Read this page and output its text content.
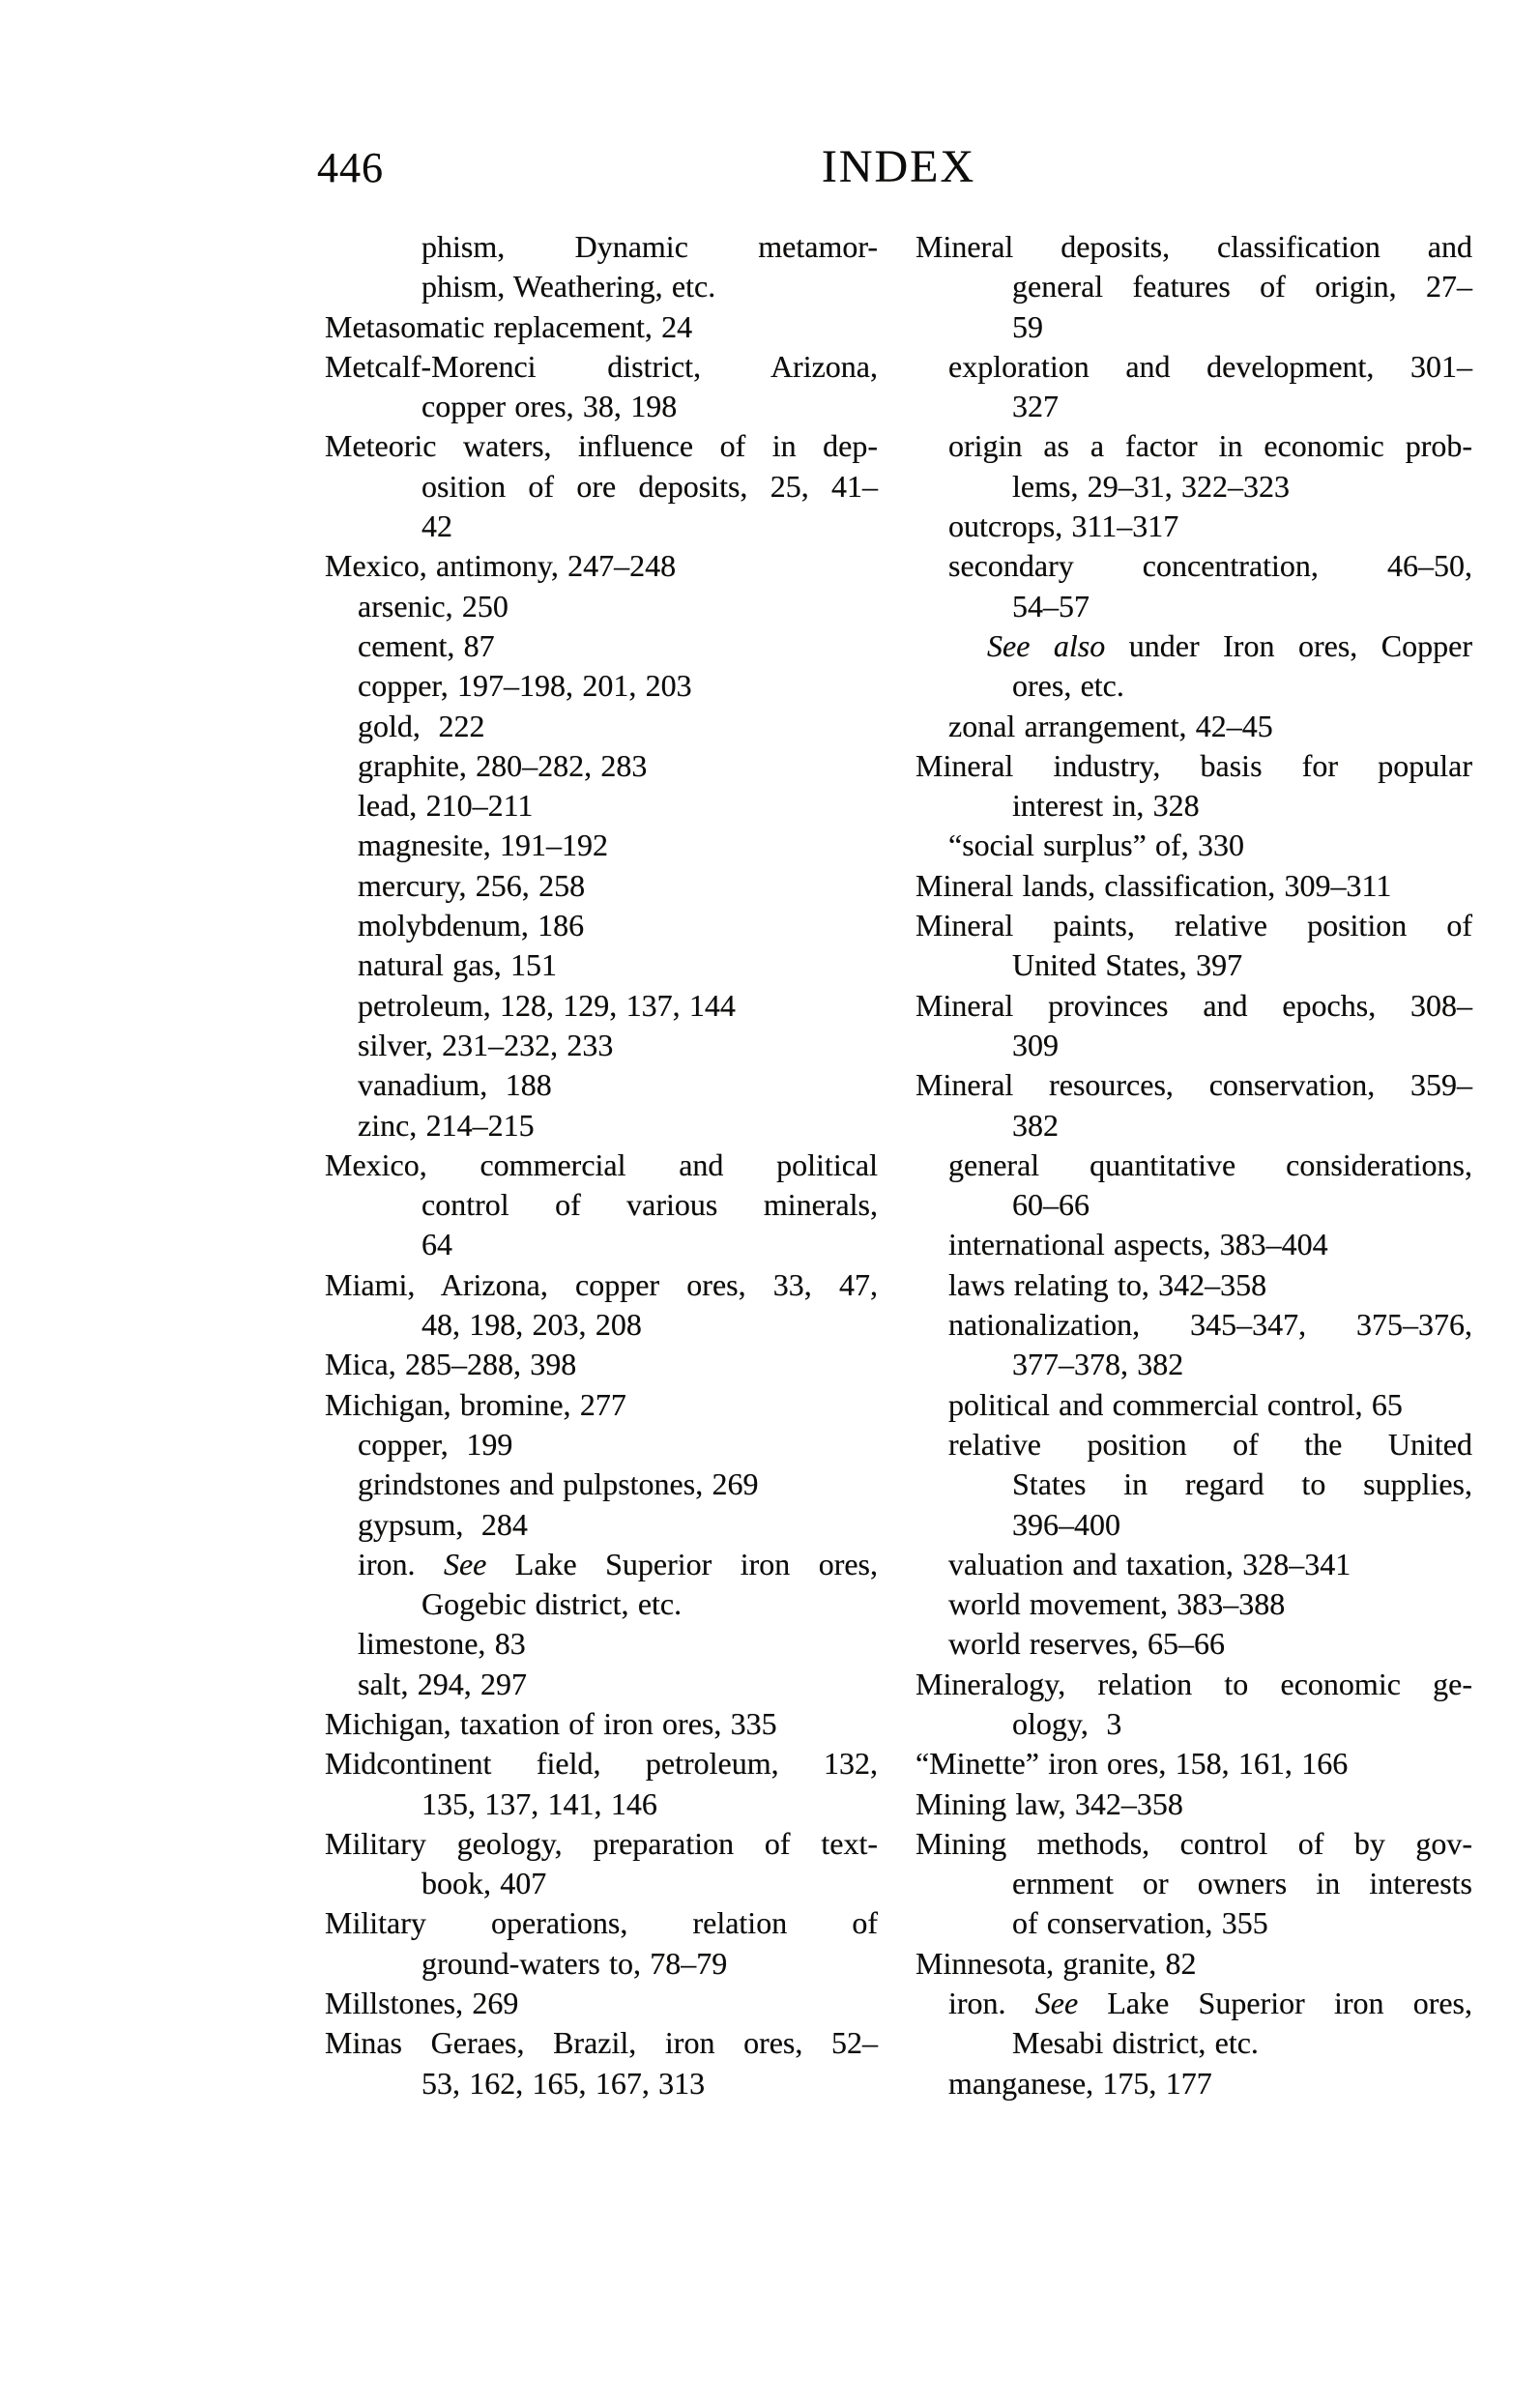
446	INDEX
phism, Dynamic metamor-
phism, Weathering, etc.
Metasomatic replacement, 24
Metcalf-Morenci district, Arizona,
copper ores, 38, 198
Meteoric waters, influence of in dep-
osition of ore deposits, 25, 41–
42
Mexico, antimony, 247–248
arsenic, 250
cement, 87
copper, 197–198, 201, 203
gold,  222
graphite, 280–282, 283
lead, 210–211
magnesite, 191–192
mercury, 256, 258
molybdenum, 186
natural gas, 151
petroleum, 128, 129, 137, 144
silver, 231–232, 233
vanadium,  188
zinc, 214–215
Mexico, commercial and political
control of various minerals,
64
Miami, Arizona, copper ores, 33, 47,
48, 198, 203, 208
Mica, 285–288, 398
Michigan, bromine, 277
copper,  199
grindstones and pulpstones, 269
gypsum,  284
iron. See Lake Superior iron ores,
Gogebic district, etc.
limestone, 83
salt, 294, 297
Michigan, taxation of iron ores, 335
Midcontinent field, petroleum, 132,
135, 137, 141, 146
Military geology, preparation of text-
book, 407
Military operations, relation of
ground-waters to, 78–79
Millstones, 269
Minas Geraes, Brazil, iron ores, 52–
53, 162, 165, 167, 313
Mineral deposits, classification and
general features of origin, 27–
59
exploration and development, 301–
327
origin as a factor in economic prob-
lems, 29–31, 322–323
outcrops, 311–317
secondary concentration, 46–50,
54–57
See also under Iron ores, Copper
ores, etc.
zonal arrangement, 42–45
Mineral industry, basis for popular
interest in, 328
“social surplus” of, 330
Mineral lands, classification, 309–311
Mineral paints, relative position of
United States, 397
Mineral provinces and epochs, 308–
309
Mineral resources, conservation, 359–
382
general quantitative considerations,
60–66
international aspects, 383–404
laws relating to, 342–358
nationalization, 345–347, 375–376,
377–378, 382
political and commercial control, 65
relative position of the United
States in regard to supplies,
396–400
valuation and taxation, 328–341
world movement, 383–388
world reserves, 65–66
Mineralogy, relation to economic ge-
ology,  3
“Minette” iron ores, 158, 161, 166
Mining law, 342–358
Mining methods, control of by gov-
ernment or owners in interests
of conservation, 355
Minnesota, granite, 82
iron. See Lake Superior iron ores,
Mesabi district, etc.
manganese, 175, 177
